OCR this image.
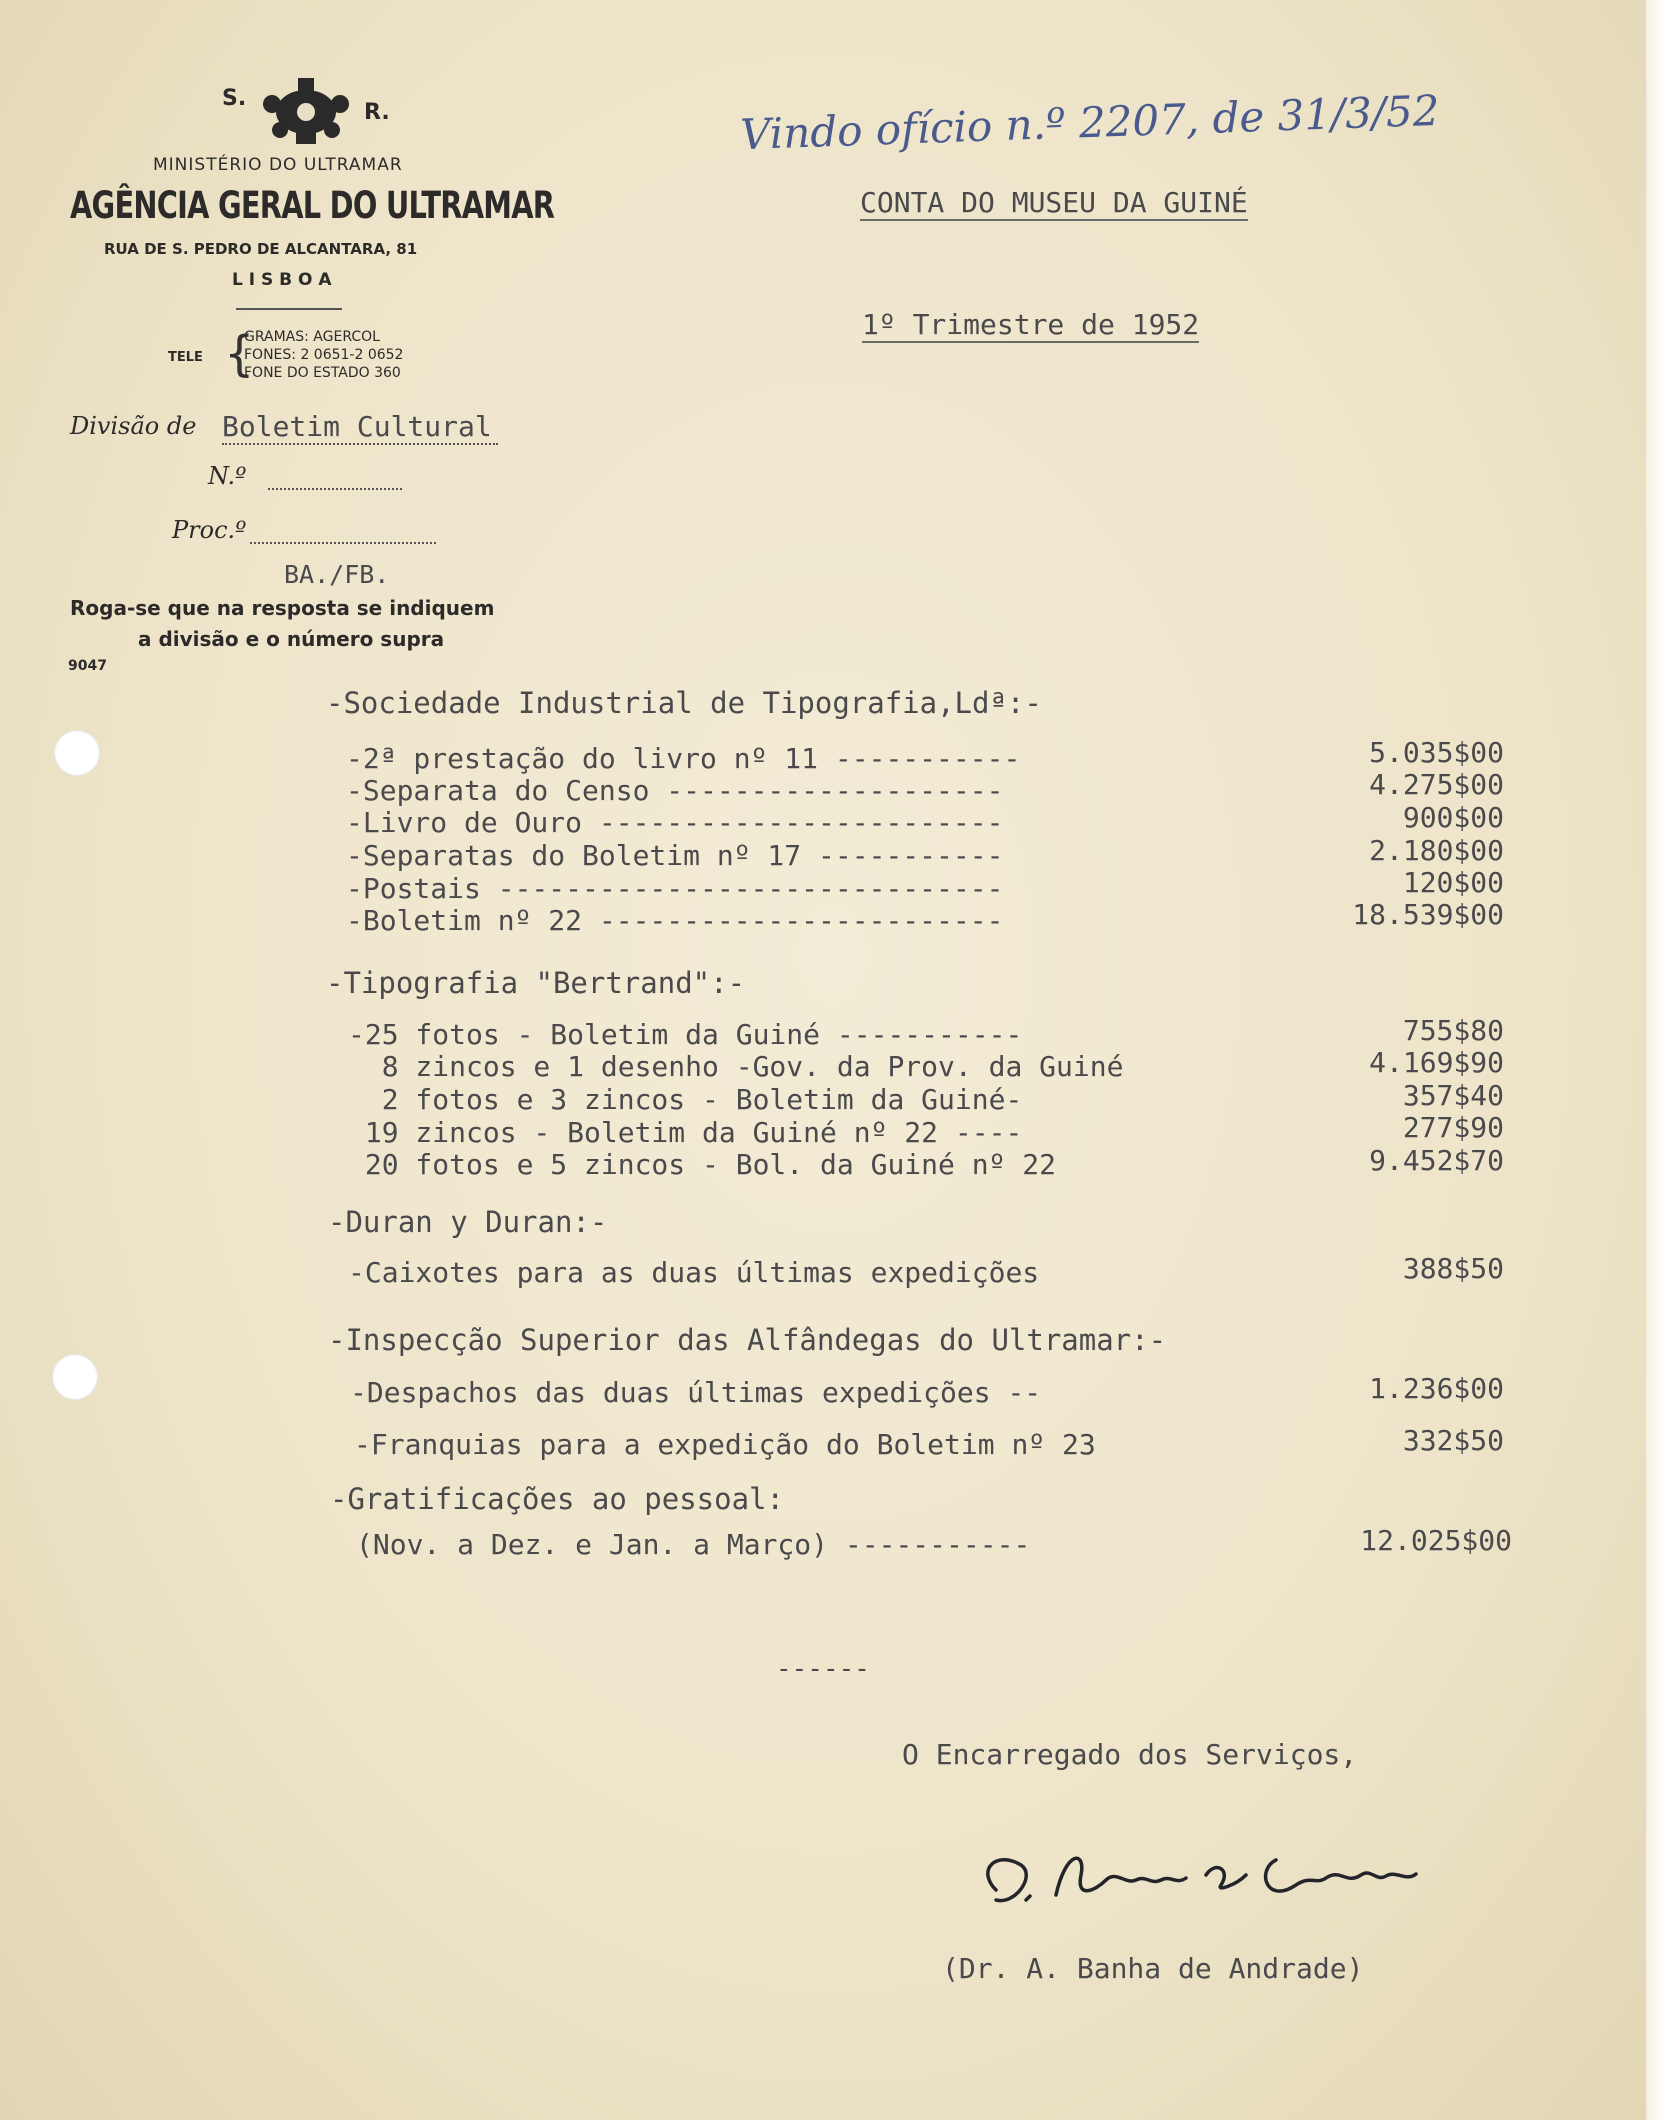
S.
R.
MINISTÉRIO DO ULTRAMAR
AGÊNCIA GERAL DO ULTRAMAR
RUA DE S. PEDRO DE ALCANTARA, 81
L I S B O A
TELE {
GRAMAS: AGERCOL
FONES: 2 0651-2 0652
FONE DO ESTADO 360
Divisão de Boletim Cultural
N.º
Proc.º
BA./FB.
Roga-se que na resposta se indiquem
a divisão e o número supra
9047
Vindo ofício n.º 2207, de 31/3/52
CONTA DO MUSEU DA GUINÉ
1º Trimestre de 1952
-Sociedade Industrial de Tipografia,Ldª:-
-2ª prestação do livro nº 11 -----------	5.035$00
-Separata do Censo --------------------	4.275$00
-Livro de Ouro ------------------------	900$00
-Separatas do Boletim nº 17 -----------	2.180$00
-Postais ------------------------------	120$00
-Boletim nº 22 ------------------------	18.539$00
-Tipografia "Bertrand":-
-25 fotos - Boletim da Guiné -----------	755$80
8 zincos e 1 desenho -Gov. da Prov. da Guiné	4.169$90
2 fotos e 3 zincos - Boletim da Guiné-	357$40
19 zincos - Boletim da Guiné nº 22 ----	277$90
20 fotos e 5 zincos - Bol. da Guiné nº 22	9.452$70
-Duran y Duran:-
-Caixotes para as duas últimas expedições	388$50
-Inspecção Superior das Alfândegas do Ultramar:-
-Despachos das duas últimas expedições --	1.236$00
-Franquias para a expedição do Boletim nº 23	332$50
-Gratificações ao pessoal:
(Nov. a Dez. e Jan. a Março) -----------	12.025$00
------
O Encarregado dos Serviços,
(Dr. A. Banha de Andrade)
